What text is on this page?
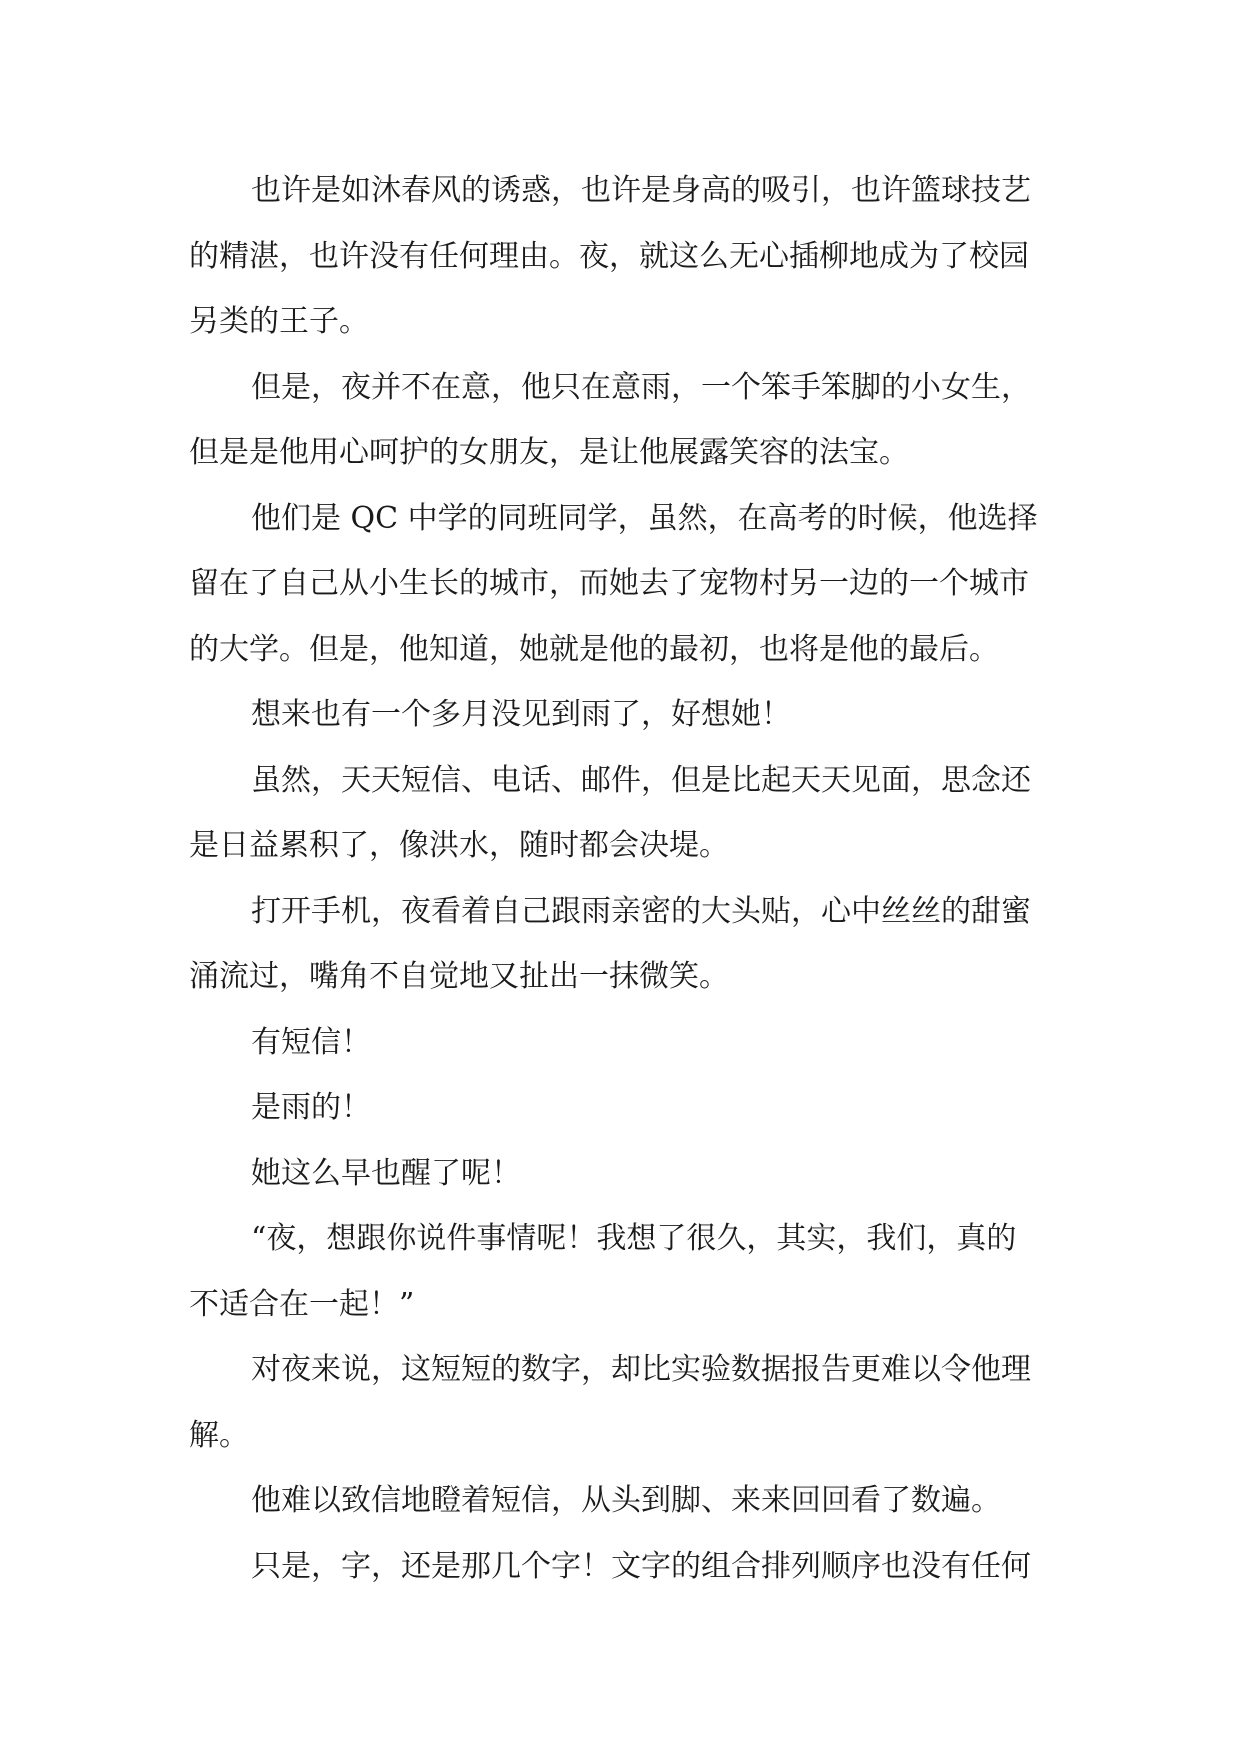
也许是如沐春风的诱惑，也许是身高的吸引，也许篮球技艺
的精湛，也许没有任何理由。夜，就这么无心插柳地成为了校园
另类的王子。
但是，夜并不在意，他只在意雨，一个笨手笨脚的小女生，
但是是他用心呵护的女朋友，是让他展露笑容的法宝。
他们是 QC 中学的同班同学，虽然，在高考的时候，他选择
留在了自己从小生长的城市，而她去了宠物村另一边的一个城市
的大学。但是，他知道，她就是他的最初，也将是他的最后。
想来也有一个多月没见到雨了，好想她！
虽然，天天短信、电话、邮件，但是比起天天见面，思念还
是日益累积了，像洪水，随时都会决堤。
打开手机，夜看着自己跟雨亲密的大头贴，心中丝丝的甜蜜
涌流过，嘴角不自觉地又扯出一抹微笑。
有短信！
是雨的！
她这么早也醒了呢！
“夜，想跟你说件事情呢！我想了很久，其实，我们，真的
不适合在一起！”
对夜来说，这短短的数字，却比实验数据报告更难以令他理
解。
他难以致信地瞪着短信，从头到脚、来来回回看了数遍。
只是，字，还是那几个字！文字的组合排列顺序也没有任何
